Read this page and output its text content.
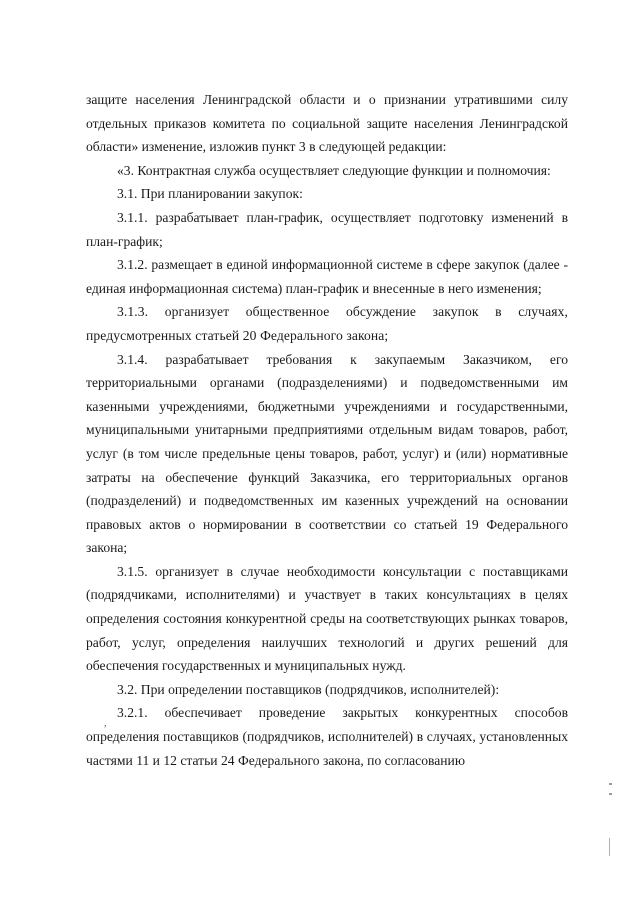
защите населения Ленинградской области и о признании утратившими силу отдельных приказов комитета по социальной защите населения Ленинградской области» изменение, изложив пункт 3 в следующей редакции:

«3. Контрактная служба осуществляет следующие функции и полномочия:

3.1. При планировании закупок:

3.1.1. разрабатывает план-график, осуществляет подготовку изменений в план-график;

3.1.2. размещает в единой информационной системе в сфере закупок (далее - единая информационная система) план-график и внесенные в него изменения;

3.1.3. организует общественное обсуждение закупок в случаях, предусмотренных статьей 20 Федерального закона;

3.1.4. разрабатывает требования к закупаемым Заказчиком, его территориальными органами (подразделениями) и подведомственными им казенными учреждениями, бюджетными учреждениями и государственными, муниципальными унитарными предприятиями отдельным видам товаров, работ, услуг (в том числе предельные цены товаров, работ, услуг) и (или) нормативные затраты на обеспечение функций Заказчика, его территориальных органов (подразделений) и подведомственных им казенных учреждений на основании правовых актов о нормировании в соответствии со статьей 19 Федерального закона;

3.1.5. организует в случае необходимости консультации с поставщиками (подрядчиками, исполнителями) и участвует в таких консультациях в целях определения состояния конкурентной среды на соответствующих рынках товаров, работ, услуг, определения наилучших технологий и других решений для обеспечения государственных и муниципальных нужд.

3.2. При определении поставщиков (подрядчиков, исполнителей):

3.2.1. обеспечивает проведение закрытых конкурентных способов определения поставщиков (подрядчиков, исполнителей) в случаях, установленных частями 11 и 12 статьи 24 Федерального закона, по согласованию

,
